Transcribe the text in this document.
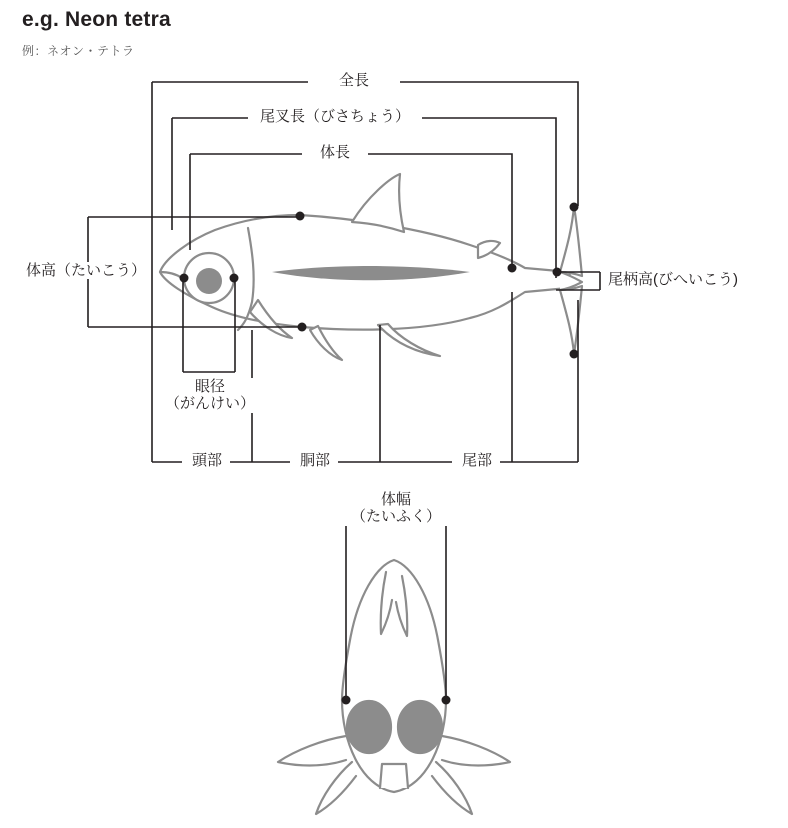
e.g. Neon tetra
例：ネオン・テトラ
全長
尾叉長（びさちょう）
体長
体高（たいこう）
尾柄高(びへいこう)
眼径
（がんけい）
頭部	胴部	尾部
体幅
（たいふく）
